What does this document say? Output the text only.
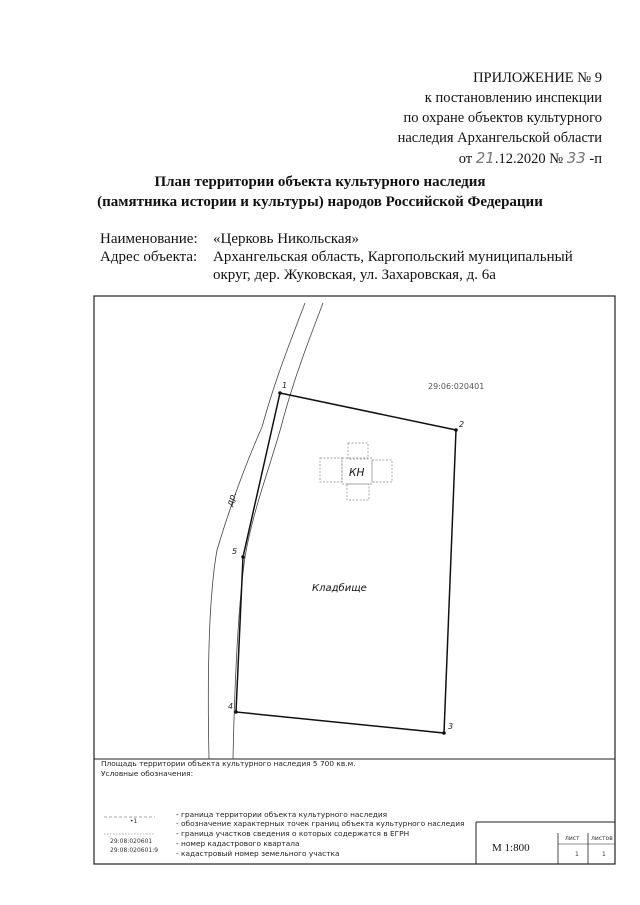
ПРИЛОЖЕНИЕ № 9
к постановлению инспекции
по охране объектов культурного
наследия Архангельской области
от 21.12.2020 № 33 -п
План территории объекта культурного наследия
(памятника истории и культуры) народов Российской Федерации
Наименование: «Церковь Никольская»
Адрес объекта: Архангельская область, Каргопольский муниципальный
округ, дер. Жуковская, ул. Захаровская, д. 6а
др.
29:06:020401
1
2
3
4
5
КН
Кладбище
Площадь территории объекта культурного наследия 5 700 кв.м.
Условные обозначения:
•1
29:08:020601
29:08:020601:9
- граница территории объекта культурного наследия
- обозначение характерных точек границ объекта культурного наследия
- граница участков сведения о которых содержатся в ЕГРН
- номер кадастрового квартала
- кадастровый номер земельного участка	М 1:800
лист листов
1	1
